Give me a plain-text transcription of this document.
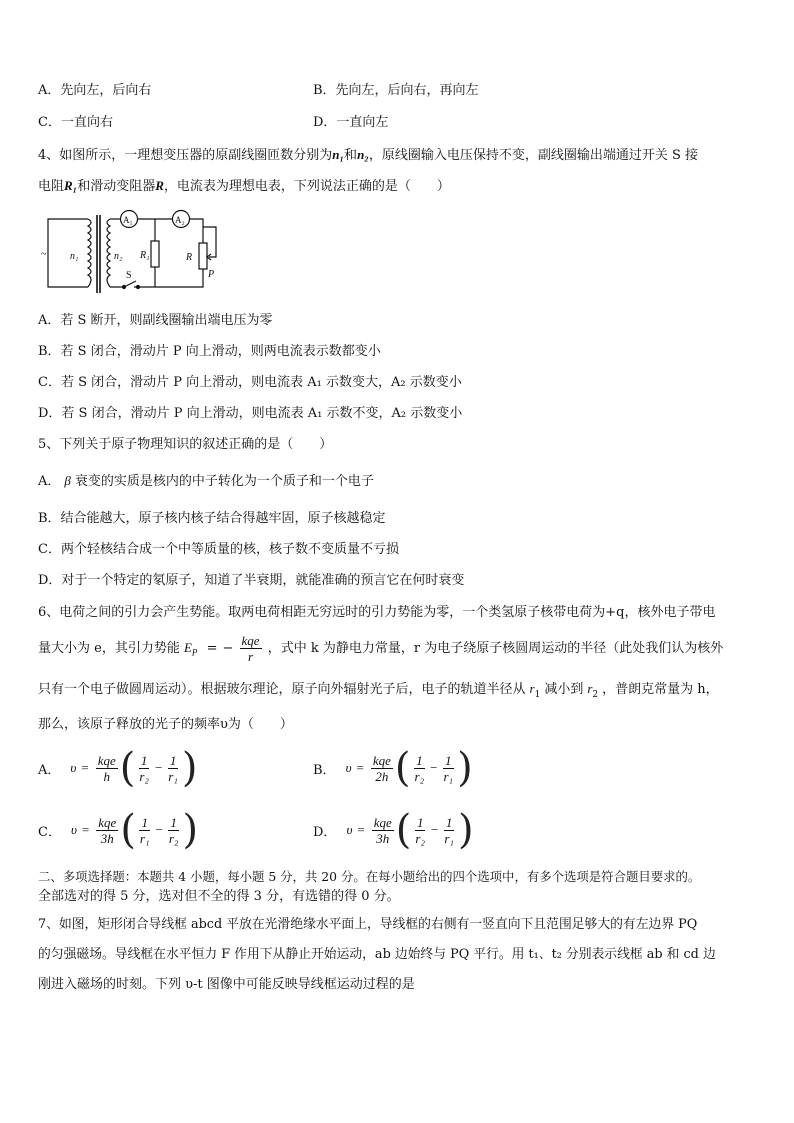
A．先向左，后向右	B．先向左，后向右，再向左
C．一直向右	D．一直向左
4、如图所示，一理想变压器的原副线圈匝数分别为n₁和n₂，原线圈输入电压保持不变，副线圈输出端通过开关 S 接
电阻R₁和滑动变阻器R，电流表为理想电表，下列说法正确的是（　　）
~ n₁	n₂
A₁	A₂
R₁	R
P
S
A．若 S 断开，则副线圈输出端电压为零
B．若 S 闭合，滑动片 P 向上滑动，则两电流表示数都变小
C．若 S 闭合，滑动片 P 向上滑动，则电流表 A₁ 示数变大，A₂ 示数变小
D．若 S 闭合，滑动片 P 向上滑动，则电流表 A₁ 示数不变，A₂ 示数变小
5、下列关于原子物理知识的叙述正确的是（　　）
A． β 衰变的实质是核内的中子转化为一个质子和一个电子
B．结合能越大，原子核内核子结合得越牢固，原子核越稳定
C．两个轻核结合成一个中等质量的核，核子数不变质量不亏损
D．对于一个特定的氡原子，知道了半衰期，就能准确的预言它在何时衰变
6、电荷之间的引力会产生势能。取两电荷相距无穷远时的引力势能为零，一个类氢原子核带电荷为+q，核外电子带电
量大小为 e，其引力势能 $E_P$ = − $\frac{\text{kqe}}{r}$ ，式中 k 为静电力常量，r 为电子绕原子核圆周运动的半径（此处我们认为核外
只有一个电子做圆周运动）。根据玻尔理论，原子向外辐射光子后，电子的轨道半径从 $r_1$ 减小到 $r_2$ ，普朗克常量为 h，
那么，该原子释放的光子的频率υ为（　　）
A． $\upsilon = \frac{\text{kqe}}{h}$ ( $\frac{1}{\text{r₂}} - \frac{1}{\text{r₁}}$ )	B． $\upsilon = \frac{\text{kqe}}{2h}$ ( $\frac{1}{\text{r₂}} - \frac{1}{\text{r₁}}$ )
C． $\upsilon = \frac{\text{kqe}}{3h}$ ( $\frac{1}{\text{r₁}} - \frac{1}{\text{r₂}}$ )	D． $\upsilon = \frac{\text{kqe}}{3h}$ ( $\frac{1}{\text{r₂}} - \frac{1}{\text{r₁}}$ )
二、多项选择题：本题共 4 小题，每小题 5 分，共 20 分。在每小题给出的四个选项中，有多个选项是符合题目要求的。
全部选对的得 5 分，选对但不全的得 3 分，有选错的得 0 分。
7、如图，矩形闭合导线框 abcd 平放在光滑绝缘水平面上，导线框的右侧有一竖直向下且范围足够大的有左边界 PQ
的匀强磁场。导线框在水平恒力 F 作用下从静止开始运动，ab 边始终与 PQ 平行。用 t₁、t₂ 分别表示线框 ab 和 cd 边
刚进入磁场的时刻。下列 υ-t 图像中可能反映导线框运动过程的是
